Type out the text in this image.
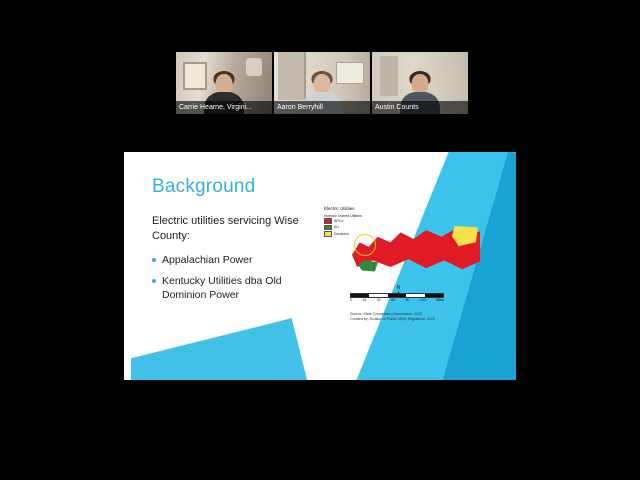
Carrie Hearne, Virgini...	Aaron Berryhill	Austin Counts
Background
Electric utilities servicing Wise County:
Appalachian Power
Kentucky Utilities dba Old Dominion Power
Electric Utilities
Investor Owned Utilities
APCo
KU
Dominion
N
0	15	30	60	90	120	Miles
Source: State Corporation Commission, 2020
Created by: Division of Public Utility Regulation, 2020
